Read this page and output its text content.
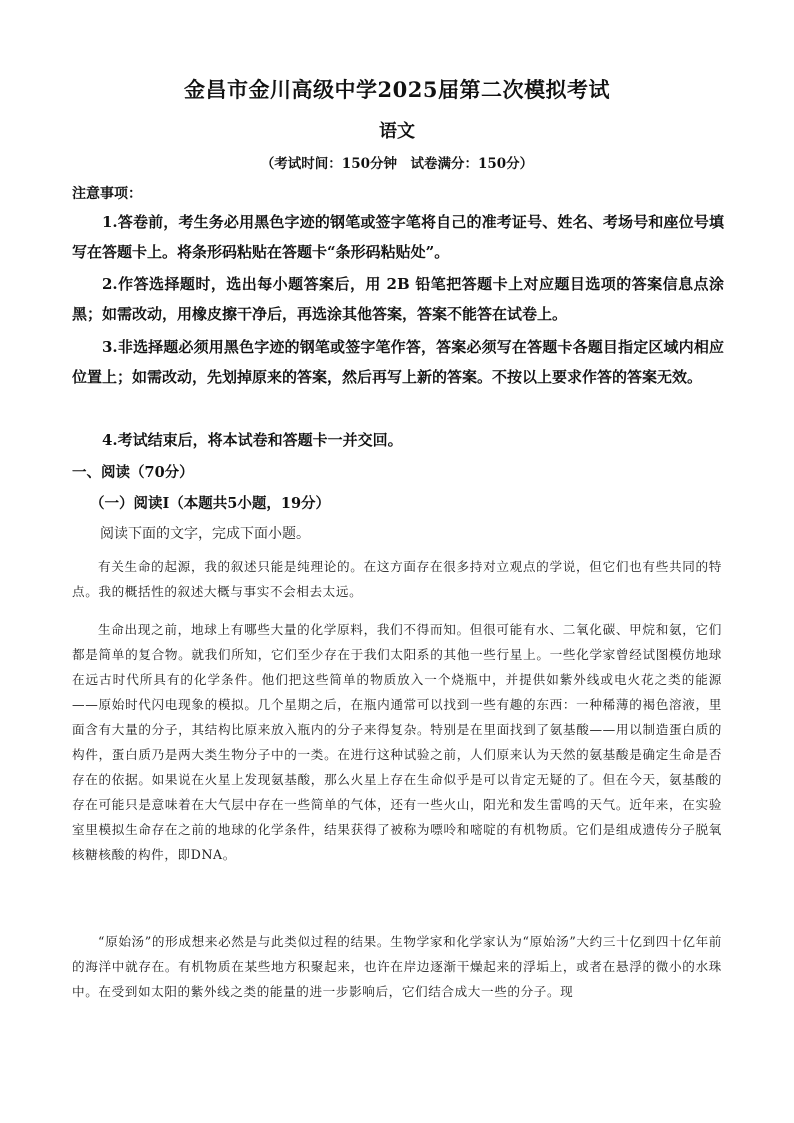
金昌市金川高级中学2025届第二次模拟考试
语文
（考试时间：150分钟　试卷满分：150分）
注意事项：
1.答卷前，考生务必用黑色字迹的钢笔或签字笔将自己的准考证号、姓名、考场号和座位号填写在答题卡上。将条形码粘贴在答题卡“条形码粘贴处”。
2.作答选择题时，选出每小题答案后，用 2B 铅笔把答题卡上对应题目选项的答案信息点涂黑；如需改动，用橡皮擦干净后，再选涂其他答案，答案不能答在试卷上。
3.非选择题必须用黑色字迹的钢笔或签字笔作答，答案必须写在答题卡各题目指定区域内相应位置上；如需改动，先划掉原来的答案，然后再写上新的答案。不按以上要求作答的答案无效。
4.考试结束后，将本试卷和答题卡一并交回。
一、阅读（70分）
（一）阅读Ⅰ（本题共5小题，19分）
阅读下面的文字，完成下面小题。
有关生命的起源，我的叙述只能是纯理论的。在这方面存在很多持对立观点的学说，但它们也有些共同的特点。我的概括性的叙述大概与事实不会相去太远。
生命出现之前，地球上有哪些大量的化学原料，我们不得而知。但很可能有水、二氧化碳、甲烷和氨，它们都是简单的复合物。就我们所知，它们至少存在于我们太阳系的其他一些行星上。一些化学家曾经试图模仿地球在远古时代所具有的化学条件。他们把这些简单的物质放入一个烧瓶中，并提供如紫外线或电火花之类的能源——原始时代闪电现象的模拟。几个星期之后，在瓶内通常可以找到一些有趣的东西：一种稀薄的褐色溶液，里面含有大量的分子，其结构比原来放入瓶内的分子来得复杂。特别是在里面找到了氨基酸——用以制造蛋白质的构件，蛋白质乃是两大类生物分子中的一类。在进行这种试验之前，人们原来认为天然的氨基酸是确定生命是否存在的依据。如果说在火星上发现氨基酸，那么火星上存在生命似乎是可以肯定无疑的了。但在今天，氨基酸的存在可能只是意味着在大气层中存在一些简单的气体，还有一些火山，阳光和发生雷鸣的天气。近年来，在实验室里模拟生命存在之前的地球的化学条件，结果获得了被称为嘌呤和嘧啶的有机物质。它们是组成遗传分子脱氧核糖核酸的构件，即DNA。
“原始汤”的形成想来必然是与此类似过程的结果。生物学家和化学家认为“原始汤”大约三十亿到四十亿年前的海洋中就存在。有机物质在某些地方积聚起来，也许在岸边逐渐干燥起来的浮垢上，或者在悬浮的微小的水珠中。在受到如太阳的紫外线之类的能量的进一步影响后，它们结合成大一些的分子。现
